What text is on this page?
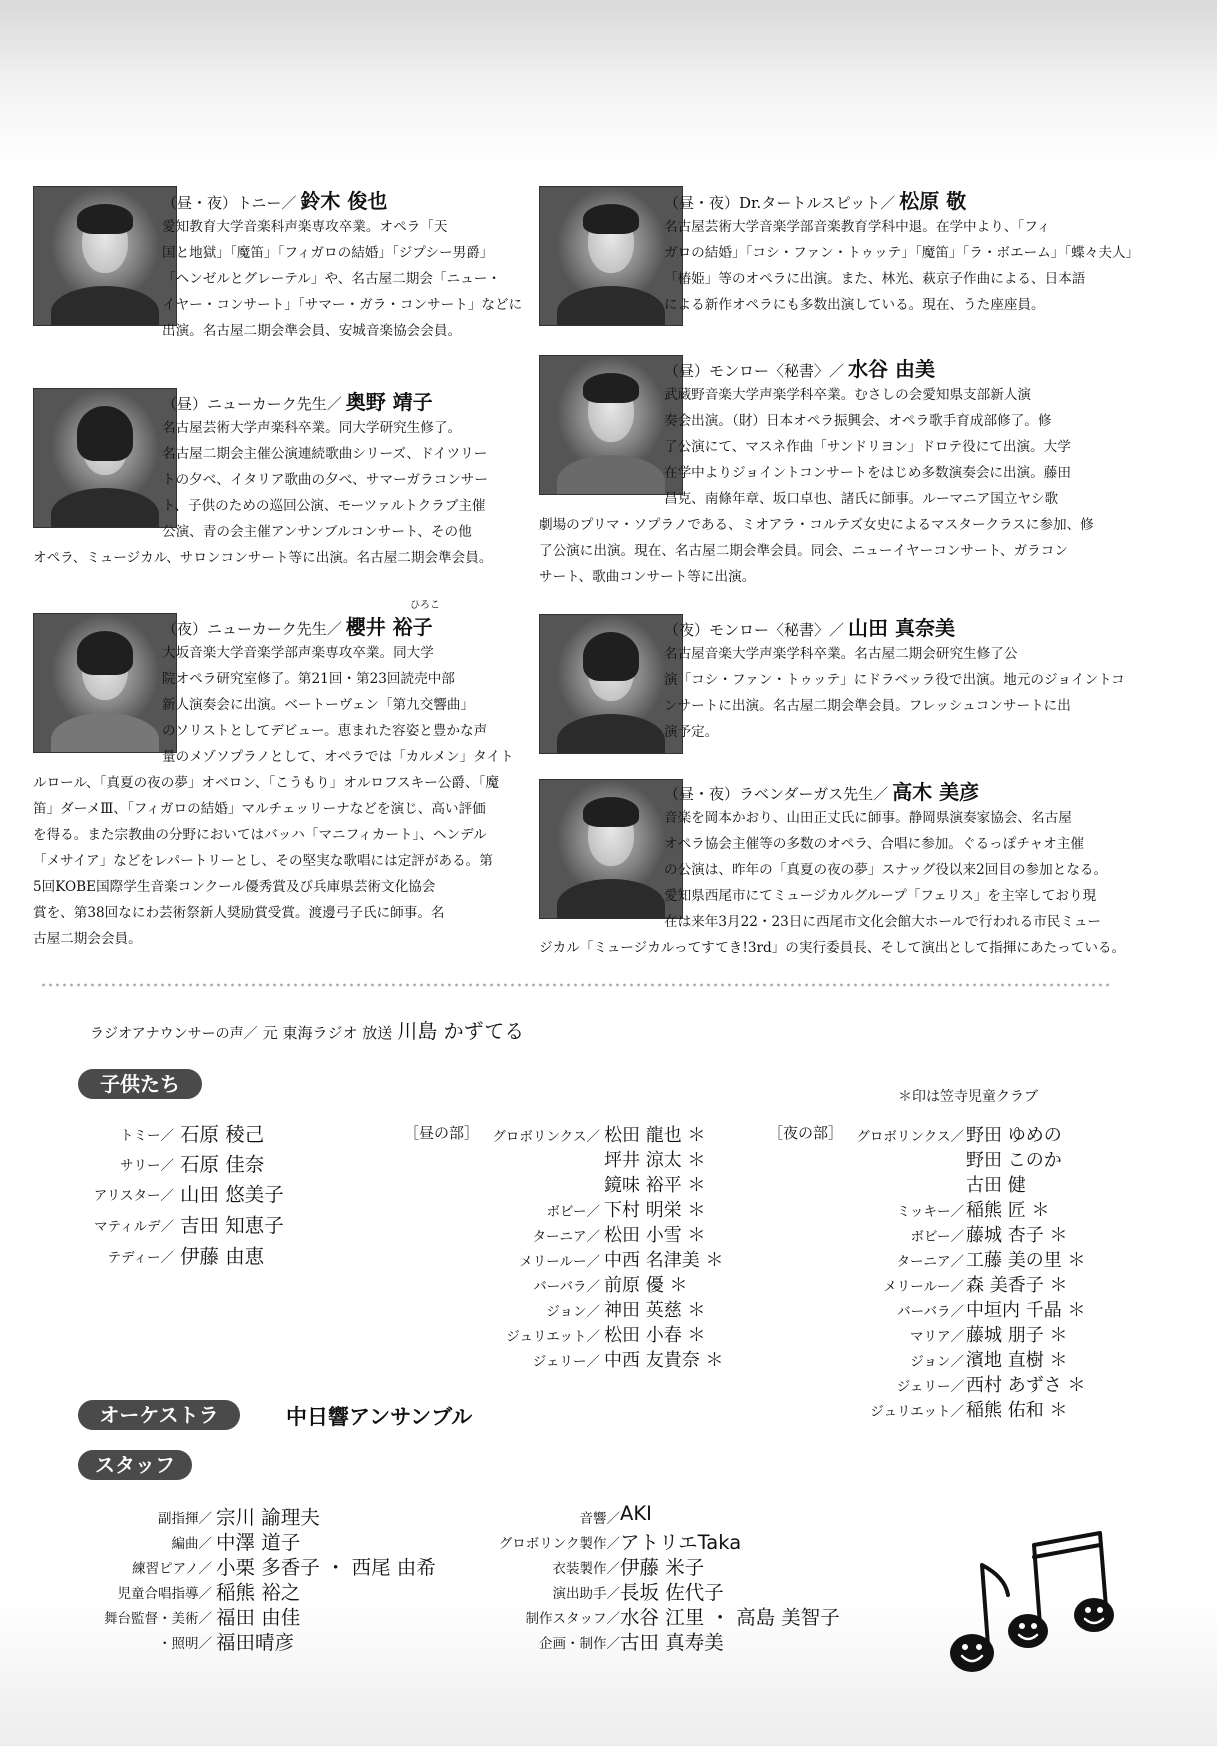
（昼・夜）トニー／ 鈴木 俊也
愛知教育大学音楽科声楽専攻卒業。オペラ「天
国と地獄」「魔笛」「フィガロの結婚」「ジプシー男爵」
「ヘンゼルとグレーテル」や、名古屋二期会「ニュー・
イヤー・コンサート」「サマー・ガラ・コンサート」などに
出演。名古屋二期会準会員、安城音楽協会会員。
（昼）ニューカーク先生／ 奥野 靖子
名古屋芸術大学声楽科卒業。同大学研究生修了。
名古屋二期会主催公演連続歌曲シリーズ、ドイツリー
トの夕べ、イタリア歌曲の夕べ、サマーガラコンサー
ト、子供のための巡回公演、モーツァルトクラブ主催
公演、青の会主催アンサンブルコンサート、その他
オペラ、ミュージカル、サロンコンサート等に出演。名古屋二期会準会員。
ひろこ
（夜）ニューカーク先生／ 櫻井 裕子
大坂音楽大学音楽学部声楽専攻卒業。同大学
院オペラ研究室修了。第21回・第23回読売中部
新人演奏会に出演。ベートーヴェン「第九交響曲」
のソリストとしてデビュー。恵まれた容姿と豊かな声
量のメゾソプラノとして、オペラでは「カルメン」タイト
ルロール、「真夏の夜の夢」オベロン、「こうもり」オルロフスキー公爵、「魔
笛」ダーメⅢ、「フィガロの結婚」マルチェッリーナなどを演じ、高い評価
を得る。また宗教曲の分野においてはバッハ「マニフィカート」、ヘンデル
「メサイア」などをレパートリーとし、その堅実な歌唱には定評がある。第
5回KOBE国際学生音楽コンクール優秀賞及び兵庫県芸術文化協会
賞を、第38回なにわ芸術祭新人奨励賞受賞。渡邊弓子氏に師事。名
古屋二期会会員。
（昼・夜）Dr.タートルスピット／ 松原 敬
名古屋芸術大学音楽学部音楽教育学科中退。在学中より、「フィ
ガロの結婚」「コシ・ファン・トゥッテ」「魔笛」「ラ・ボエーム」「蝶々夫人」
「椿姫」等のオペラに出演。また、林光、萩京子作曲による、日本語
による新作オペラにも多数出演している。現在、うた座座員。
（昼）モンロー〈秘書〉／ 水谷 由美
武蔵野音楽大学声楽学科卒業。むさしの会愛知県支部新人演
奏会出演。（財）日本オペラ振興会、オペラ歌手育成部修了。修
了公演にて、マスネ作曲「サンドリヨン」ドロテ役にて出演。大学
在学中よりジョイントコンサートをはじめ多数演奏会に出演。藤田
昌克、南條年章、坂口卓也、諸氏に師事。ルーマニア国立ヤシ歌
劇場のプリマ・ソプラノである、ミオアラ・コルテズ女史によるマスタークラスに参加、修
了公演に出演。現在、名古屋二期会準会員。同会、ニューイヤーコンサート、ガラコン
サート、歌曲コンサート等に出演。
（夜）モンロー〈秘書〉／ 山田 真奈美
名古屋音楽大学声楽学科卒業。名古屋二期会研究生修了公
演「コシ・ファン・トゥッテ」にドラベッラ役で出演。地元のジョイントコ
ンサートに出演。名古屋二期会準会員。フレッシュコンサートに出
演予定。
（昼・夜）ラベンダーガス先生／ 高木 美彦
音楽を岡本かおり、山田正丈氏に師事。静岡県演奏家協会、名古屋
オペラ協会主催等の多数のオペラ、合唱に参加。ぐるっぽチャオ主催
の公演は、昨年の「真夏の夜の夢」スナッグ役以来2回目の参加となる。
愛知県西尾市にてミュージカルグループ「フェリス」を主宰しており現
在は来年3月22・23日に西尾市文化会館大ホールで行われる市民ミュー
ジカル「ミュージカルってすてき!3rd」の実行委員長、そして演出として指揮にあたっている。
ラジオアナウンサーの声／ 元 東海ラジオ 放送 川島 かずてる
子供たち
＊印は笠寺児童クラブ
トミー／ 石原 稜己
サリー／ 石原 佳奈
アリスター／ 山田 悠美子
マティルデ／ 吉田 知恵子
テディー／ 伊藤 由恵
［昼の部］ グロボリンクス／ 松田 龍也 ＊
坪井 涼太 ＊
鏡味 裕平 ＊
ボビー／ 下村 明栄 ＊
ターニア／ 松田 小雪 ＊
メリールー／ 中西 名津美 ＊
バーバラ／ 前原 優 ＊
ジョン／ 神田 英慈 ＊
ジュリエット／ 松田 小春 ＊
ジェリー／ 中西 友貴奈 ＊
［夜の部］ グロボリンクス／ 野田 ゆめの
野田 このか
古田 健
ミッキー／ 稲熊 匠 ＊
ボビー／ 藤城 杏子 ＊
ターニア／ 工藤 美の里 ＊
メリールー／ 森 美香子 ＊
バーバラ／ 中垣内 千晶 ＊
マリア／ 藤城 朋子 ＊
ジョン／ 濱地 直樹 ＊
ジェリー／ 西村 あずさ ＊
ジュリエット／ 稲熊 佑和 ＊
オーケストラ	中日響アンサンブル
スタッフ
副指揮／ 宗川 諭理夫
編曲／ 中澤 道子
練習ピアノ／ 小栗 多香子 ・ 西尾 由希
児童合唱指導／ 稲熊 裕之
舞台監督・美術／ 福田 由佳
・照明／ 福田晴彦
音響／ AKI
グロボリンク製作／ アトリエTaka
衣装製作／ 伊藤 米子
演出助手／ 長坂 佐代子
制作スタッフ／ 水谷 江里 ・ 高島 美智子
企画・制作／ 古田 真寿美
